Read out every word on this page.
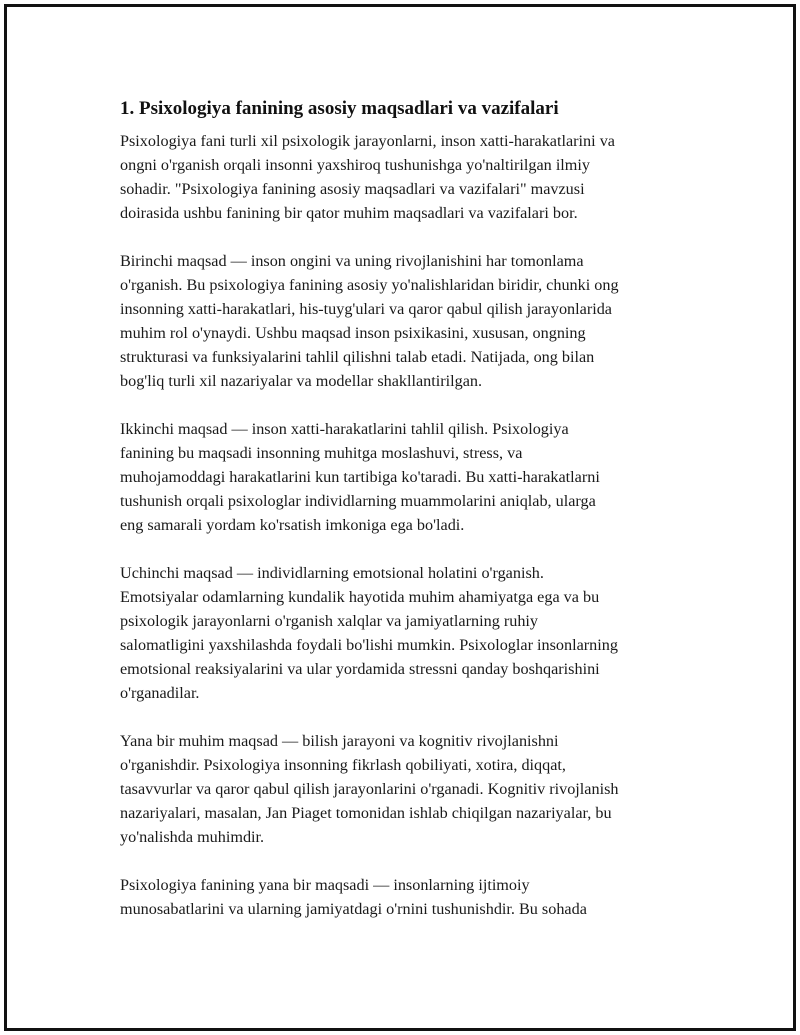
1. Psixologiya fanining asosiy maqsadlari va vazifalari

Psixologiya fani turli xil psixologik jarayonlarni, inson xatti-harakatlarini va
ongni o'rganish orqali insonni yaxshiroq tushunishga yo'naltirilgan ilmiy
sohadir. "Psixologiya fanining asosiy maqsadlari va vazifalari" mavzusi
doirasida ushbu fanining bir qator muhim maqsadlari va vazifalari bor.

Birinchi maqsad — inson ongini va uning rivojlanishini har tomonlama
o'rganish. Bu psixologiya fanining asosiy yo'nalishlaridan biridir, chunki ong
insonning xatti-harakatlari, his-tuyg'ulari va qaror qabul qilish jarayonlarida
muhim rol o'ynaydi. Ushbu maqsad inson psixikasini, xususan, ongning
strukturasi va funksiyalarini tahlil qilishni talab etadi. Natijada, ong bilan
bog'liq turli xil nazariyalar va modellar shakllantirilgan.

Ikkinchi maqsad — inson xatti-harakatlarini tahlil qilish. Psixologiya
fanining bu maqsadi insonning muhitga moslashuvi, stress, va
muhojamoddagi harakatlarini kun tartibiga ko'taradi. Bu xatti-harakatlarni
tushunish orqali psixologlar individlarning muammolarini aniqlab, ularga
eng samarali yordam ko'rsatish imkoniga ega bo'ladi.

Uchinchi maqsad — individlarning emotsional holatini o'rganish.
Emotsiyalar odamlarning kundalik hayotida muhim ahamiyatga ega va bu
psixologik jarayonlarni o'rganish xalqlar va jamiyatlarning ruhiy
salomatligini yaxshilashda foydali bo'lishi mumkin. Psixologlar insonlarning
emotsional reaksiyalarini va ular yordamida stressni qanday boshqarishini
o'rganadilar.

Yana bir muhim maqsad — bilish jarayoni va kognitiv rivojlanishni
o'rganishdir. Psixologiya insonning fikrlash qobiliyati, xotira, diqqat,
tasavvurlar va qaror qabul qilish jarayonlarini o'rganadi. Kognitiv rivojlanish
nazariyalari, masalan, Jan Piaget tomonidan ishlab chiqilgan nazariyalar, bu
yo'nalishda muhimdir.

Psixologiya fanining yana bir maqsadi — insonlarning ijtimoiy
munosabatlarini va ularning jamiyatdagi o'rnini tushunishdir. Bu sohada
